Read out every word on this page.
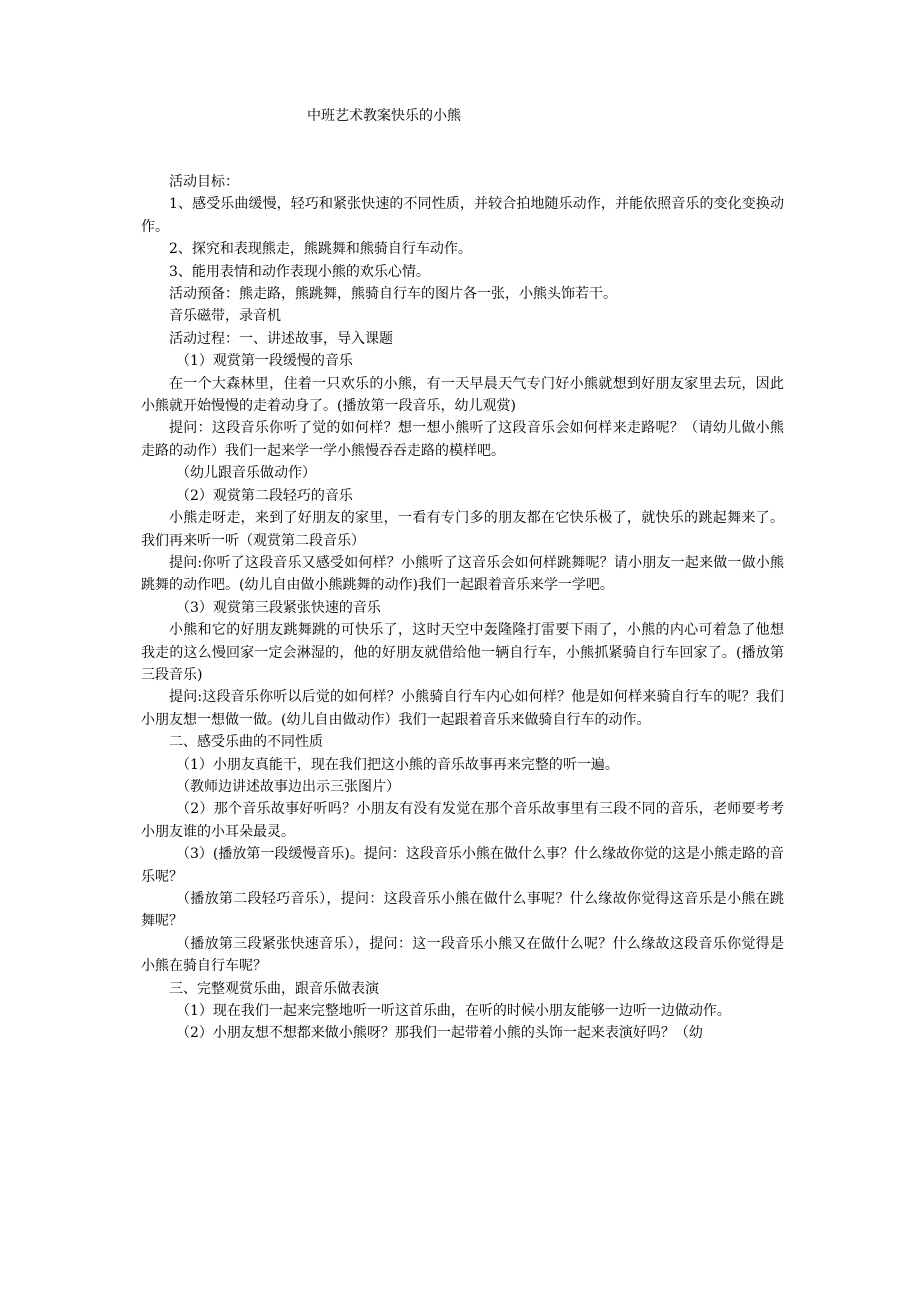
中班艺术教案快乐的小熊

活动目标：

1、感受乐曲缓慢，轻巧和紧张快速的不同性质，并较合拍地随乐动作，并能依照音乐的变化变换动作。

2、探究和表现熊走，熊跳舞和熊骑自行车动作。

3、能用表情和动作表现小熊的欢乐心情。

活动预备：熊走路，熊跳舞，熊骑自行车的图片各一张，小熊头饰若干。

音乐磁带，录音机

活动过程：一、讲述故事，导入课题

（1）观赏第一段缓慢的音乐

在一个大森林里，住着一只欢乐的小熊，有一天早晨天气专门好小熊就想到好朋友家里去玩，因此小熊就开始慢慢的走着动身了。(播放第一段音乐，幼儿观赏)

提问：这段音乐你听了觉的如何样？想一想小熊听了这段音乐会如何样来走路呢？（请幼儿做小熊走路的动作）我们一起来学一学小熊慢吞吞走路的模样吧。

（幼儿跟音乐做动作）

（2）观赏第二段轻巧的音乐

小熊走呀走，来到了好朋友的家里，一看有专门多的朋友都在它快乐极了，就快乐的跳起舞来了。我们再来听一听（观赏第二段音乐）

提问:你听了这段音乐又感受如何样？小熊听了这音乐会如何样跳舞呢？请小朋友一起来做一做小熊跳舞的动作吧。(幼儿自由做小熊跳舞的动作)我们一起跟着音乐来学一学吧。

（3）观赏第三段紧张快速的音乐

小熊和它的好朋友跳舞跳的可快乐了，这时天空中轰隆隆打雷要下雨了，小熊的内心可着急了他想我走的这么慢回家一定会淋湿的，他的好朋友就借给他一辆自行车，小熊抓紧骑自行车回家了。(播放第三段音乐)

提问:这段音乐你听以后觉的如何样？小熊骑自行车内心如何样？他是如何样来骑自行车的呢？我们小朋友想一想做一做。(幼儿自由做动作）我们一起跟着音乐来做骑自行车的动作。

二、感受乐曲的不同性质

（1）小朋友真能干，现在我们把这小熊的音乐故事再来完整的听一遍。

（教师边讲述故事边出示三张图片）

（2）那个音乐故事好听吗？小朋友有没有发觉在那个音乐故事里有三段不同的音乐，老师要考考小朋友谁的小耳朵最灵。

（3）(播放第一段缓慢音乐)。提问：这段音乐小熊在做什么事？什么缘故你觉的这是小熊走路的音乐呢？

（播放第二段轻巧音乐），提问：这段音乐小熊在做什么事呢？什么缘故你觉得这音乐是小熊在跳舞呢？

（播放第三段紧张快速音乐），提问：这一段音乐小熊又在做什么呢？什么缘故这段音乐你觉得是小熊在骑自行车呢？

三、完整观赏乐曲，跟音乐做表演

（1）现在我们一起来完整地听一听这首乐曲，在听的时候小朋友能够一边听一边做动作。

（2）小朋友想不想都来做小熊呀？那我们一起带着小熊的头饰一起来表演好吗？（幼
